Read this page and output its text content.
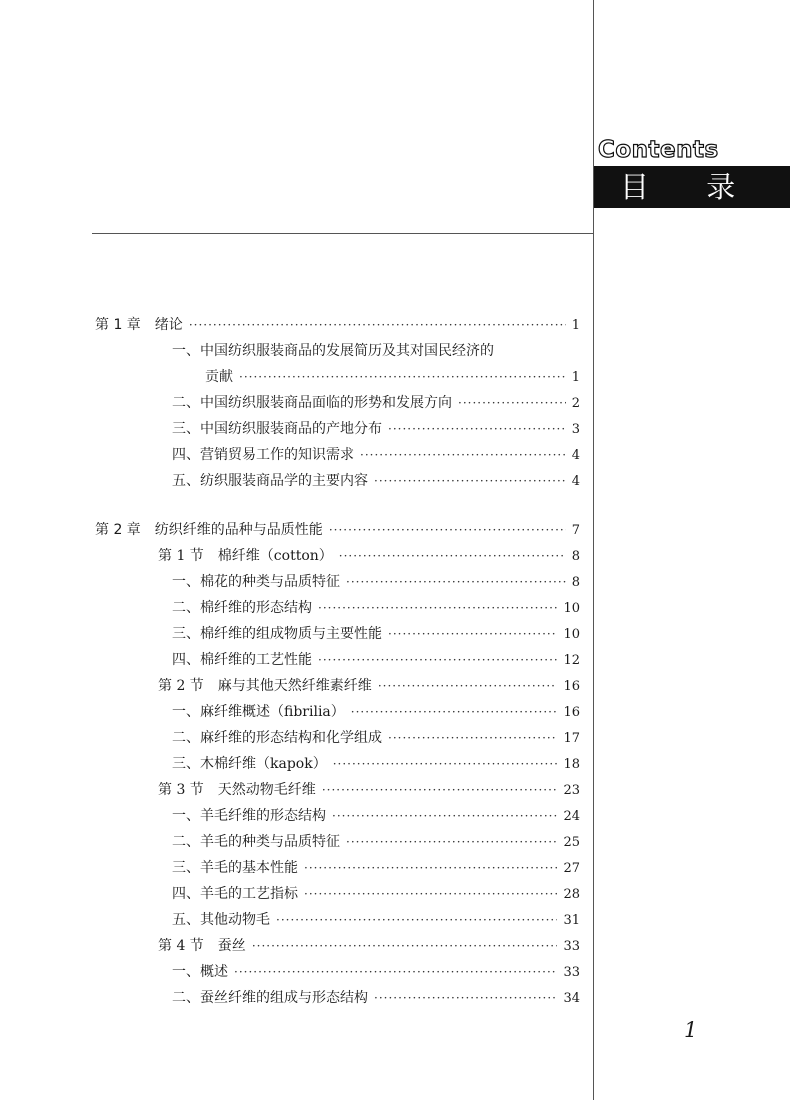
Contents
目 录
第 1 章　绪论 ·····	1
一、中国纺织服装商品的发展简历及其对国民经济的
贡献 ·····	1
二、中国纺织服装商品面临的形势和发展方向 ·····	2
三、中国纺织服装商品的产地分布 ·····	3
四、营销贸易工作的知识需求 ·····	4
五、纺织服装商品学的主要内容 ·····	4
第 2 章　纺织纤维的品种与品质性能 ·····	7
第 1 节　棉纤维（cotton） ·····	8
一、棉花的种类与品质特征 ·····	8
二、棉纤维的形态结构 ·····	10
三、棉纤维的组成物质与主要性能 ·····	10
四、棉纤维的工艺性能 ·····	12
第 2 节　麻与其他天然纤维素纤维 ·····	16
一、麻纤维概述（fibrilia） ·····	16
二、麻纤维的形态结构和化学组成 ·····	17
三、木棉纤维（kapok） ·····	18
第 3 节　天然动物毛纤维 ·····	23
一、羊毛纤维的形态结构 ·····	24
二、羊毛的种类与品质特征 ·····	25
三、羊毛的基本性能 ·····	27
四、羊毛的工艺指标 ·····	28
五、其他动物毛 ·····	31
第 4 节　蚕丝 ·····	33
一、概述 ·····	33
二、蚕丝纤维的组成与形态结构 ·····	34
1
